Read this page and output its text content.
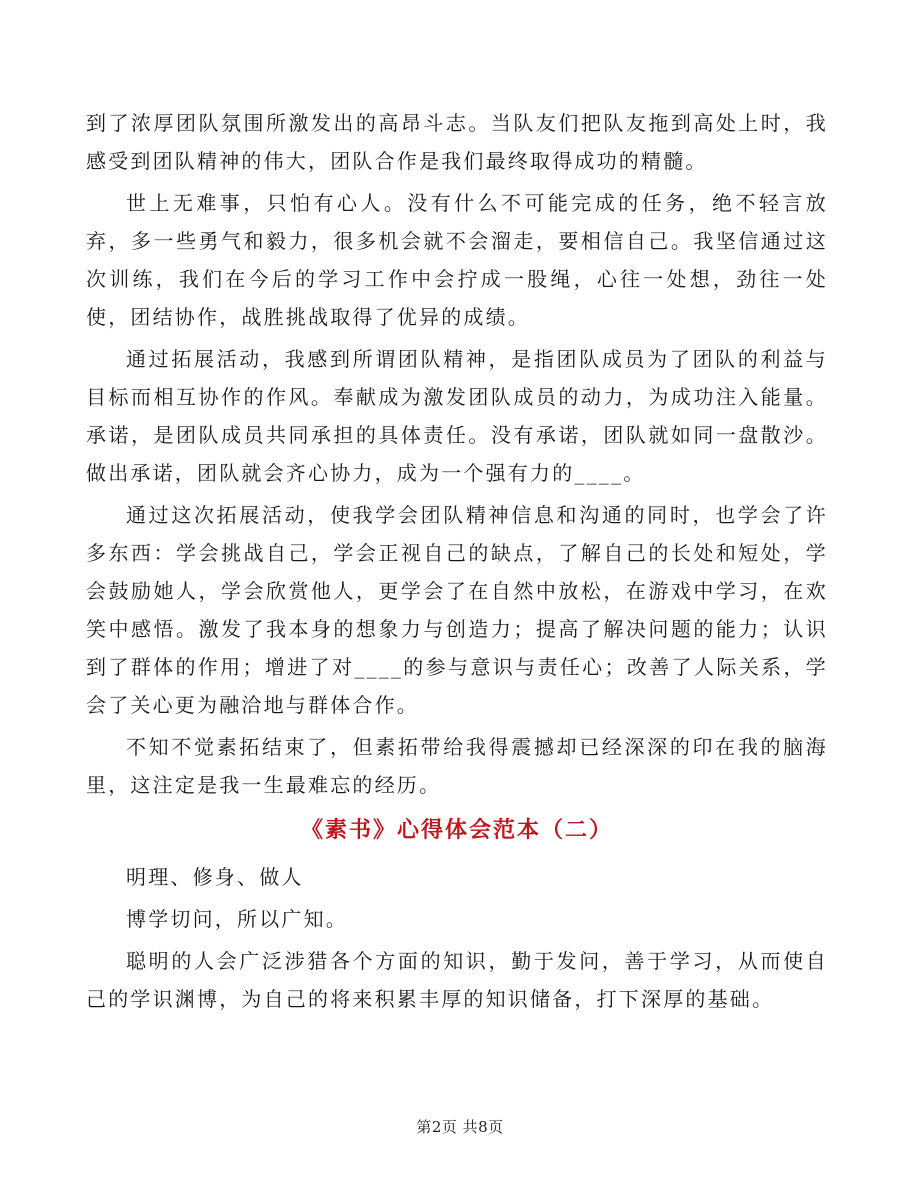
到了浓厚团队氛围所激发出的高昂斗志。当队友们把队友拖到高处上时，我感受到团队精神的伟大，团队合作是我们最终取得成功的精髓。

世上无难事，只怕有心人。没有什么不可能完成的任务，绝不轻言放弃，多一些勇气和毅力，很多机会就不会溜走，要相信自己。我坚信通过这次训练，我们在今后的学习工作中会拧成一股绳，心往一处想，劲往一处使，团结协作，战胜挑战取得了优异的成绩。

通过拓展活动，我感到所谓团队精神，是指团队成员为了团队的利益与目标而相互协作的作风。奉献成为激发团队成员的动力，为成功注入能量。承诺，是团队成员共同承担的具体责任。没有承诺，团队就如同一盘散沙。做出承诺，团队就会齐心协力，成为一个强有力的____。

通过这次拓展活动，使我学会团队精神信息和沟通的同时，也学会了许多东西：学会挑战自己，学会正视自己的缺点，了解自己的长处和短处，学会鼓励她人，学会欣赏他人，更学会了在自然中放松，在游戏中学习，在欢笑中感悟。激发了我本身的想象力与创造力；提高了解决问题的能力；认识到了群体的作用；增进了对____的参与意识与责任心；改善了人际关系，学会了关心更为融洽地与群体合作。

不知不觉素拓结束了，但素拓带给我得震撼却已经深深的印在我的脑海里，这注定是我一生最难忘的经历。

《素书》心得体会范本（二）

明理、修身、做人

博学切问，所以广知。

聪明的人会广泛涉猎各个方面的知识，勤于发问，善于学习，从而使自己的学识渊博，为自己的将来积累丰厚的知识储备，打下深厚的基础。

第2页 共8页
